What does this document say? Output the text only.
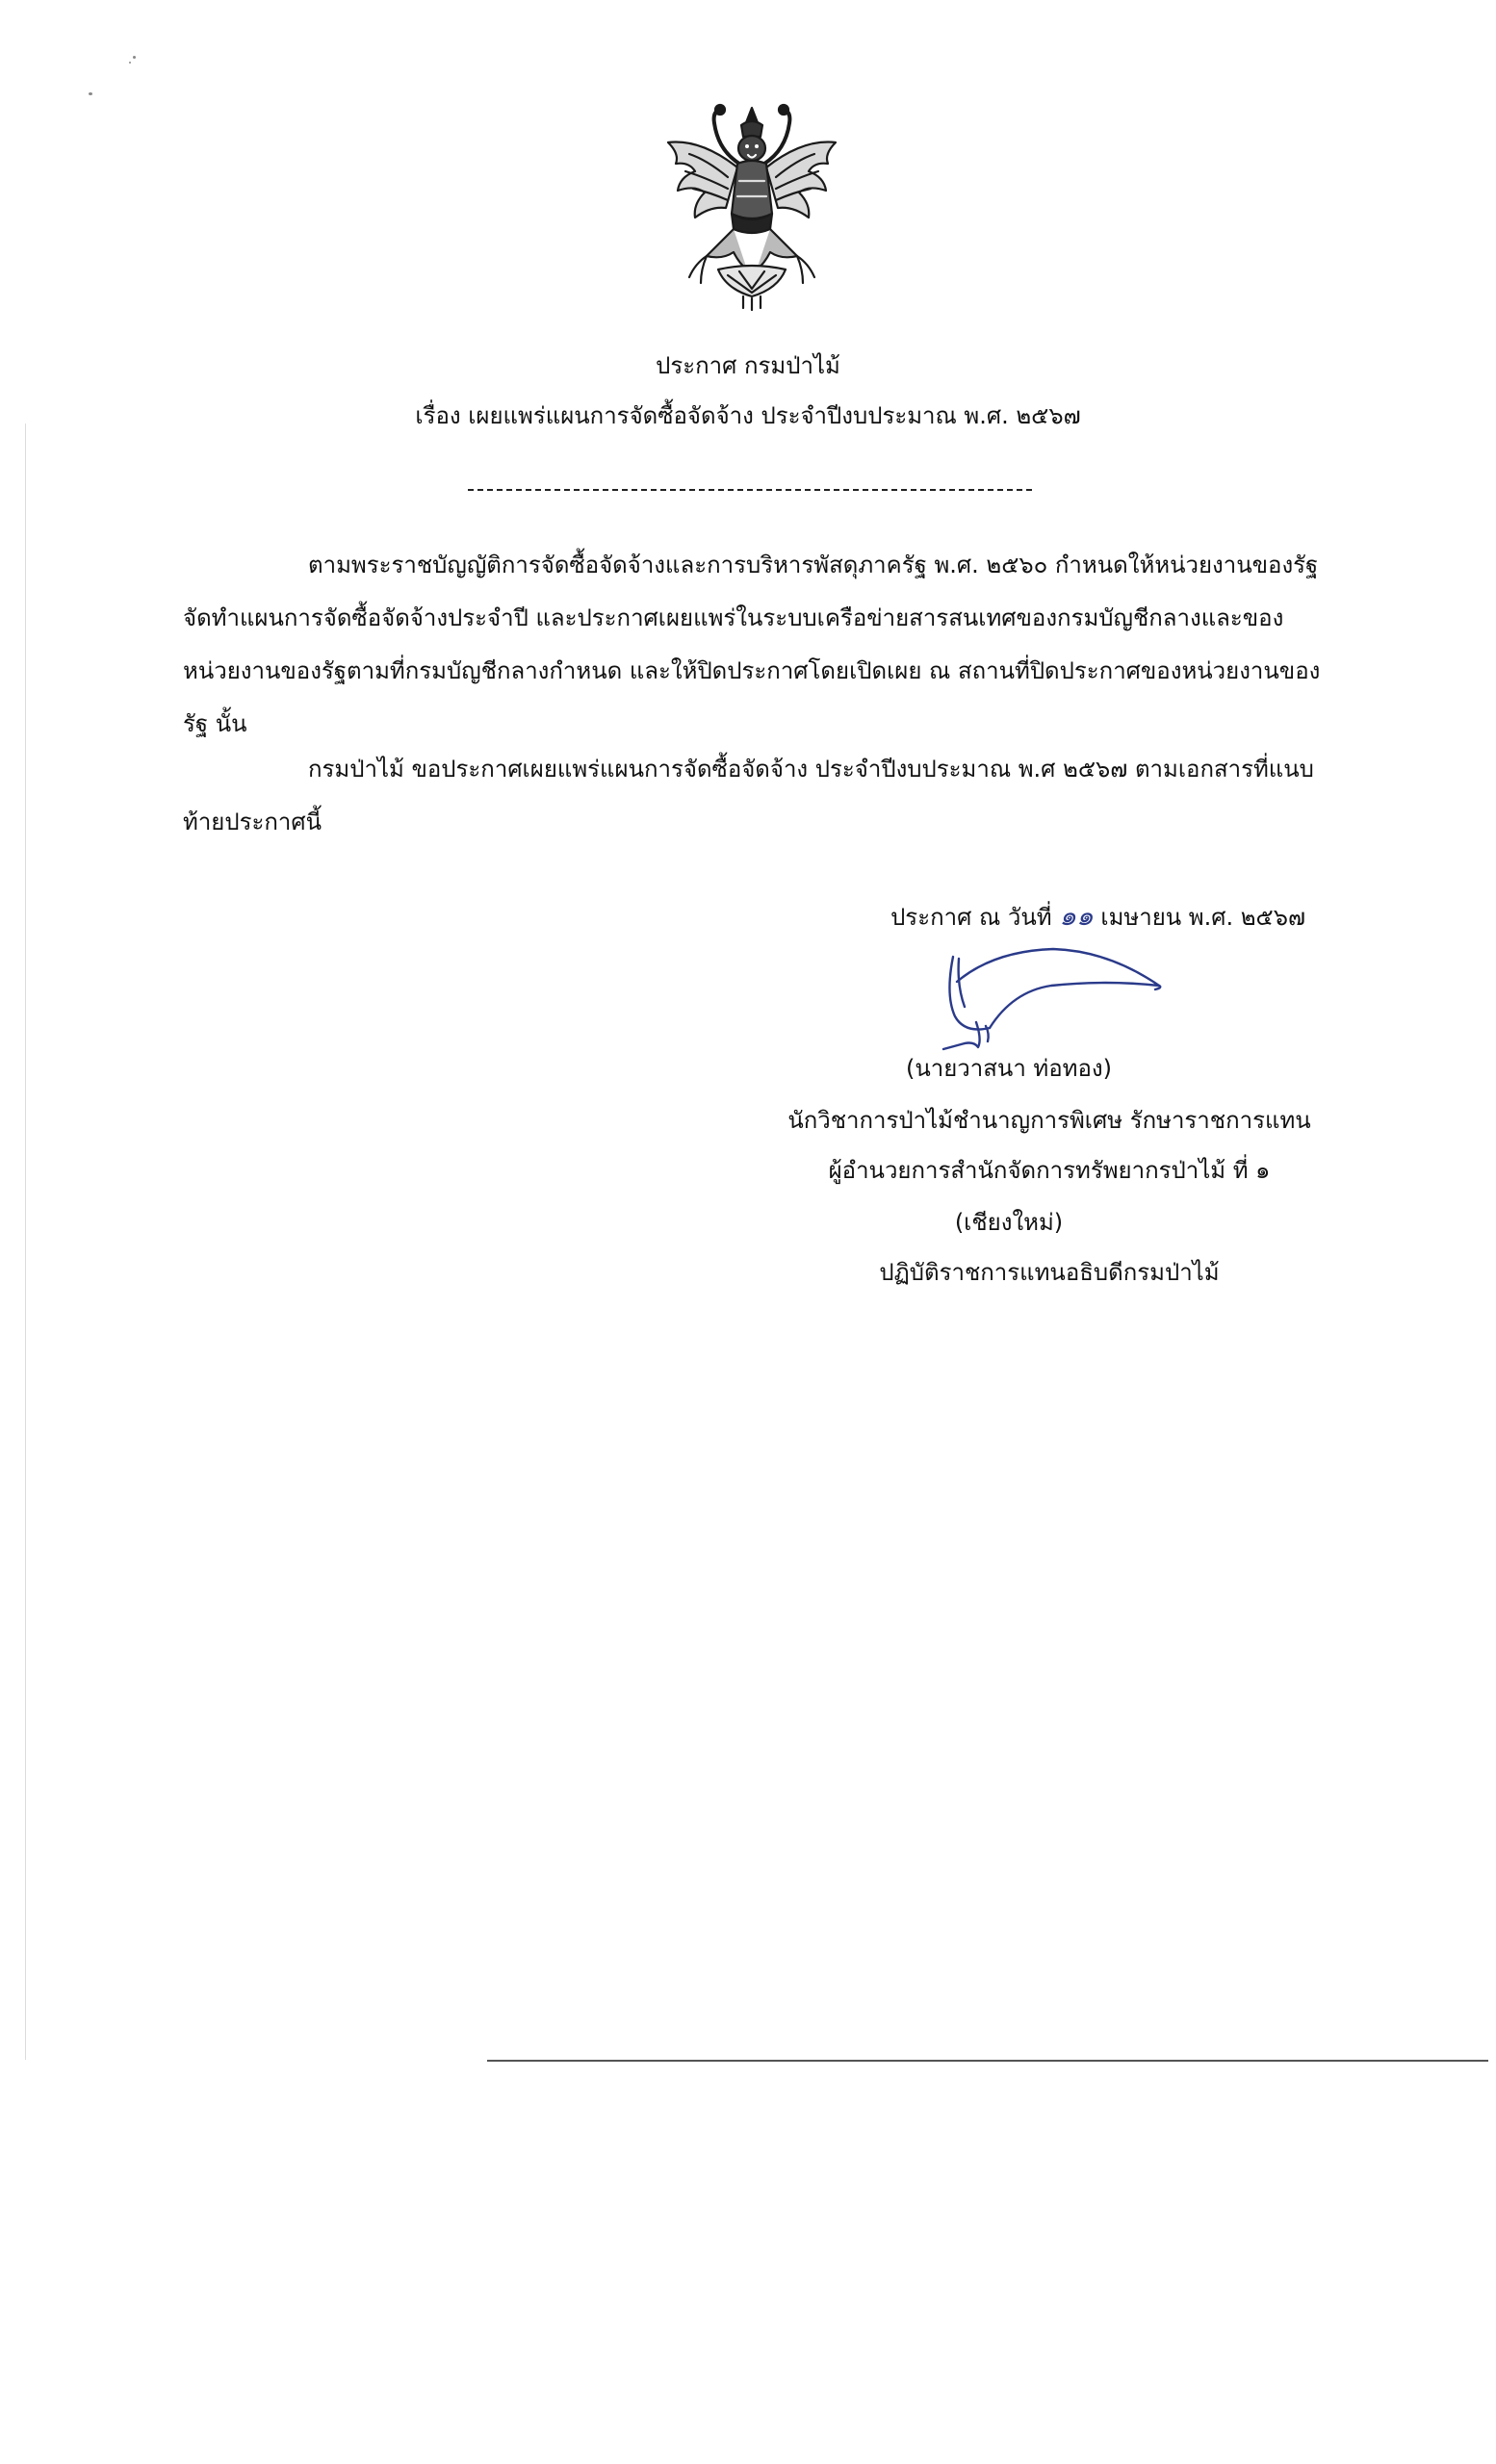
ประกาศ กรมป่าไม้
เรื่อง เผยแพร่แผนการจัดซื้อจัดจ้าง ประจำปีงบประมาณ พ.ศ. ๒๕๖๗

ตามพระราชบัญญัติการจัดซื้อจัดจ้างและการบริหารพัสดุภาครัฐ พ.ศ. ๒๕๖๐ กำหนดให้หน่วยงานของรัฐ จัดทำแผนการจัดซื้อจัดจ้างประจำปี และประกาศเผยแพร่ในระบบเครือข่ายสารสนเทศของกรมบัญชีกลางและของหน่วยงานของรัฐตามที่กรมบัญชีกลางกำหนด และให้ปิดประกาศโดยเปิดเผย ณ สถานที่ปิดประกาศของหน่วยงานของรัฐ นั้น

กรมป่าไม้ ขอประกาศเผยแพร่แผนการจัดซื้อจัดจ้าง ประจำปีงบประมาณ พ.ศ ๒๕๖๗ ตามเอกสารที่แนบท้ายประกาศนี้

ประกาศ ณ วันที่ ๑๑ เมษายน พ.ศ. ๒๕๖๗
(นายวาสนา ท่อทอง)
นักวิชาการป่าไม้ชำนาญการพิเศษ รักษาราชการแทน
ผู้อำนวยการสำนักจัดการทรัพยากรป่าไม้ ที่ ๑
(เชียงใหม่)
ปฏิบัติราชการแทนอธิบดีกรมป่าไม้
